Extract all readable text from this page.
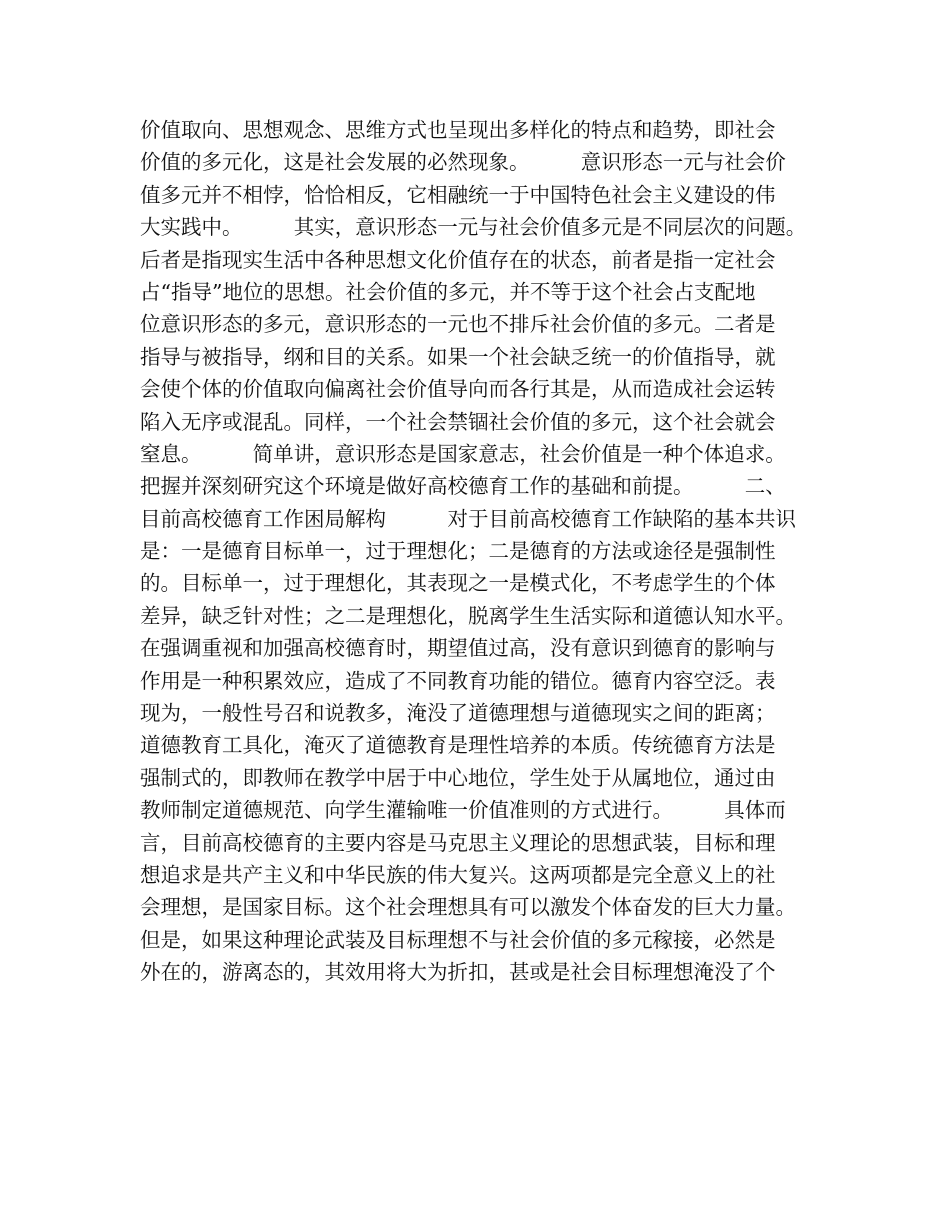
价值取向、思想观念、思维方式也呈现出多样化的特点和趋势，即社会
价值的多元化，这是社会发展的必然现象。　　　意识形态一元与社会价
值多元并不相悖，恰恰相反，它相融统一于中国特色社会主义建设的伟
大实践中。　　　其实，意识形态一元与社会价值多元是不同层次的问题。
后者是指现实生活中各种思想文化价值存在的状态，前者是指一定社会
占“指导”地位的思想。社会价值的多元，并不等于这个社会占支配地
位意识形态的多元，意识形态的一元也不排斥社会价值的多元。二者是
指导与被指导，纲和目的关系。如果一个社会缺乏统一的价值指导，就
会使个体的价值取向偏离社会价值导向而各行其是，从而造成社会运转
陷入无序或混乱。同样，一个社会禁锢社会价值的多元，这个社会就会
窒息。　　　简单讲，意识形态是国家意志，社会价值是一种个体追求。
把握并深刻研究这个环境是做好高校德育工作的基础和前提。　　　二、
目前高校德育工作困局解构　　　对于目前高校德育工作缺陷的基本共识
是：一是德育目标单一，过于理想化；二是德育的方法或途径是强制性
的。目标单一，过于理想化，其表现之一是模式化，不考虑学生的个体
差异，缺乏针对性；之二是理想化，脱离学生生活实际和道德认知水平。
在强调重视和加强高校德育时，期望值过高，没有意识到德育的影响与
作用是一种积累效应，造成了不同教育功能的错位。德育内容空泛。表
现为，一般性号召和说教多，淹没了道德理想与道德现实之间的距离；
道德教育工具化，淹灭了道德教育是理性培养的本质。传统德育方法是
强制式的，即教师在教学中居于中心地位，学生处于从属地位，通过由
教师制定道德规范、向学生灌输唯一价值准则的方式进行。　　　具体而
言，目前高校德育的主要内容是马克思主义理论的思想武装，目标和理
想追求是共产主义和中华民族的伟大复兴。这两项都是完全意义上的社
会理想，是国家目标。这个社会理想具有可以激发个体奋发的巨大力量。
但是，如果这种理论武装及目标理想不与社会价值的多元稼接，必然是
外在的，游离态的，其效用将大为折扣，甚或是社会目标理想淹没了个
